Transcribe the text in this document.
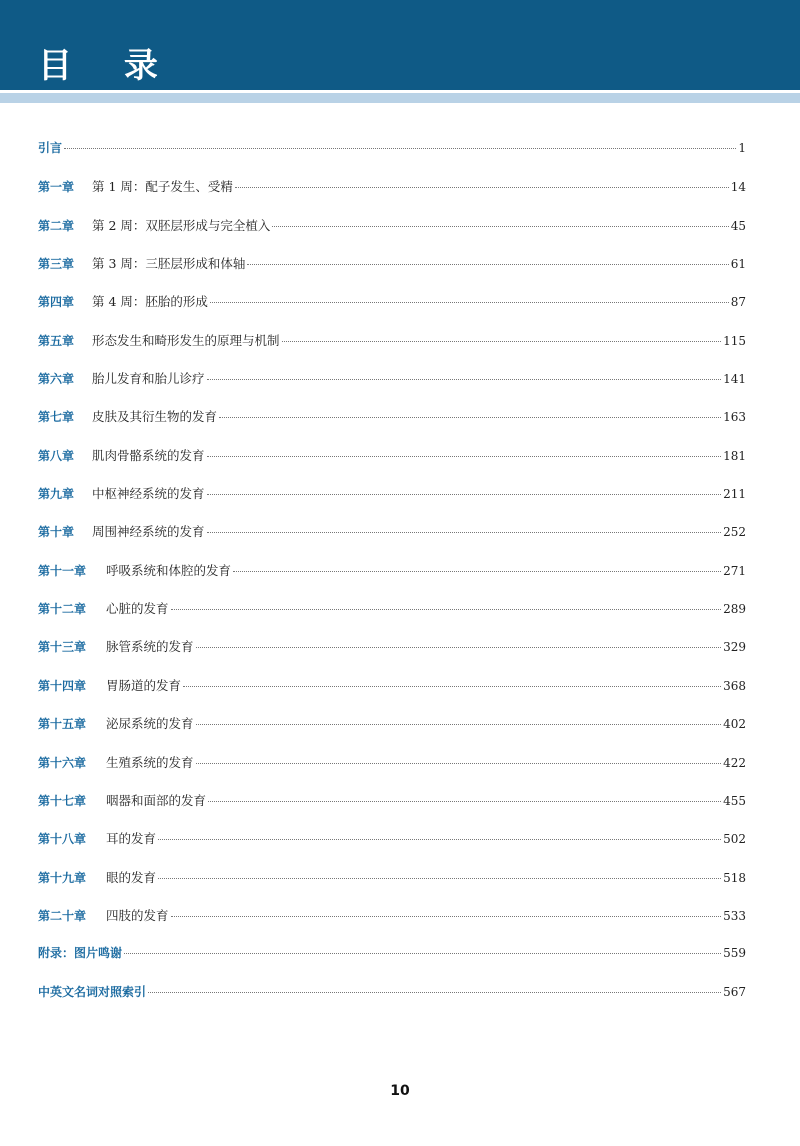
目 录
引言	1
第一章	第 1 周：配子发生、受精	14
第二章	第 2 周：双胚层形成与完全植入	45
第三章	第 3 周：三胚层形成和体轴	61
第四章	第 4 周：胚胎的形成	87
第五章	形态发生和畸形发生的原理与机制	115
第六章	胎儿发育和胎儿诊疗	141
第七章	皮肤及其衍生物的发育	163
第八章	肌肉骨骼系统的发育	181
第九章	中枢神经系统的发育	211
第十章	周围神经系统的发育	252
第十一章	呼吸系统和体腔的发育	271
第十二章	心脏的发育	289
第十三章	脉管系统的发育	329
第十四章	胃肠道的发育	368
第十五章	泌尿系统的发育	402
第十六章	生殖系统的发育	422
第十七章	咽器和面部的发育	455
第十八章	耳的发育	502
第十九章	眼的发育	518
第二十章	四肢的发育	533
附录：图片鸣谢	559
中英文名词对照索引	567
10
